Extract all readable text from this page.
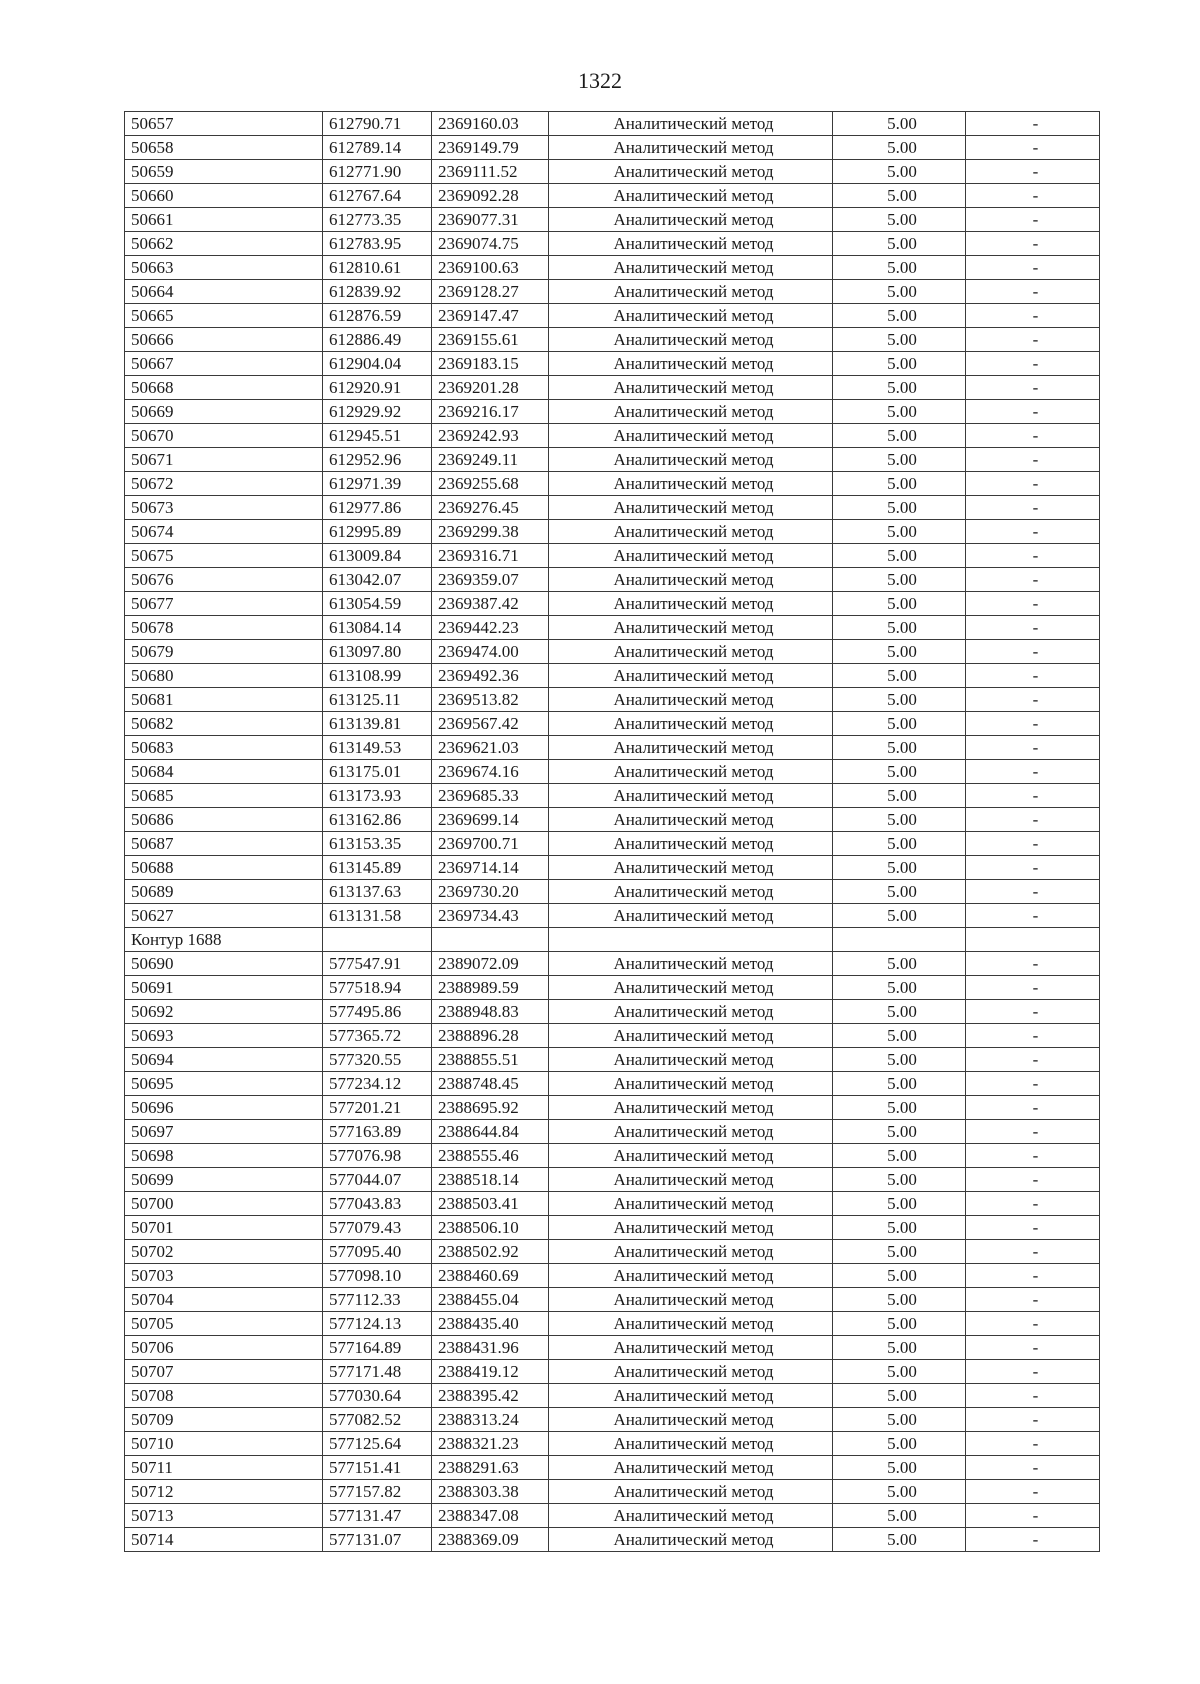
1322
50657	612790.71	2369160.03	Аналитический метод	5.00	-
50658	612789.14	2369149.79	Аналитический метод	5.00	-
50659	612771.90	2369111.52	Аналитический метод	5.00	-
50660	612767.64	2369092.28	Аналитический метод	5.00	-
50661	612773.35	2369077.31	Аналитический метод	5.00	-
50662	612783.95	2369074.75	Аналитический метод	5.00	-
50663	612810.61	2369100.63	Аналитический метод	5.00	-
50664	612839.92	2369128.27	Аналитический метод	5.00	-
50665	612876.59	2369147.47	Аналитический метод	5.00	-
50666	612886.49	2369155.61	Аналитический метод	5.00	-
50667	612904.04	2369183.15	Аналитический метод	5.00	-
50668	612920.91	2369201.28	Аналитический метод	5.00	-
50669	612929.92	2369216.17	Аналитический метод	5.00	-
50670	612945.51	2369242.93	Аналитический метод	5.00	-
50671	612952.96	2369249.11	Аналитический метод	5.00	-
50672	612971.39	2369255.68	Аналитический метод	5.00	-
50673	612977.86	2369276.45	Аналитический метод	5.00	-
50674	612995.89	2369299.38	Аналитический метод	5.00	-
50675	613009.84	2369316.71	Аналитический метод	5.00	-
50676	613042.07	2369359.07	Аналитический метод	5.00	-
50677	613054.59	2369387.42	Аналитический метод	5.00	-
50678	613084.14	2369442.23	Аналитический метод	5.00	-
50679	613097.80	2369474.00	Аналитический метод	5.00	-
50680	613108.99	2369492.36	Аналитический метод	5.00	-
50681	613125.11	2369513.82	Аналитический метод	5.00	-
50682	613139.81	2369567.42	Аналитический метод	5.00	-
50683	613149.53	2369621.03	Аналитический метод	5.00	-
50684	613175.01	2369674.16	Аналитический метод	5.00	-
50685	613173.93	2369685.33	Аналитический метод	5.00	-
50686	613162.86	2369699.14	Аналитический метод	5.00	-
50687	613153.35	2369700.71	Аналитический метод	5.00	-
50688	613145.89	2369714.14	Аналитический метод	5.00	-
50689	613137.63	2369730.20	Аналитический метод	5.00	-
50627	613131.58	2369734.43	Аналитический метод	5.00	-
Контур 1688					
50690	577547.91	2389072.09	Аналитический метод	5.00	-
50691	577518.94	2388989.59	Аналитический метод	5.00	-
50692	577495.86	2388948.83	Аналитический метод	5.00	-
50693	577365.72	2388896.28	Аналитический метод	5.00	-
50694	577320.55	2388855.51	Аналитический метод	5.00	-
50695	577234.12	2388748.45	Аналитический метод	5.00	-
50696	577201.21	2388695.92	Аналитический метод	5.00	-
50697	577163.89	2388644.84	Аналитический метод	5.00	-
50698	577076.98	2388555.46	Аналитический метод	5.00	-
50699	577044.07	2388518.14	Аналитический метод	5.00	-
50700	577043.83	2388503.41	Аналитический метод	5.00	-
50701	577079.43	2388506.10	Аналитический метод	5.00	-
50702	577095.40	2388502.92	Аналитический метод	5.00	-
50703	577098.10	2388460.69	Аналитический метод	5.00	-
50704	577112.33	2388455.04	Аналитический метод	5.00	-
50705	577124.13	2388435.40	Аналитический метод	5.00	-
50706	577164.89	2388431.96	Аналитический метод	5.00	-
50707	577171.48	2388419.12	Аналитический метод	5.00	-
50708	577030.64	2388395.42	Аналитический метод	5.00	-
50709	577082.52	2388313.24	Аналитический метод	5.00	-
50710	577125.64	2388321.23	Аналитический метод	5.00	-
50711	577151.41	2388291.63	Аналитический метод	5.00	-
50712	577157.82	2388303.38	Аналитический метод	5.00	-
50713	577131.47	2388347.08	Аналитический метод	5.00	-
50714	577131.07	2388369.09	Аналитический метод	5.00	-
